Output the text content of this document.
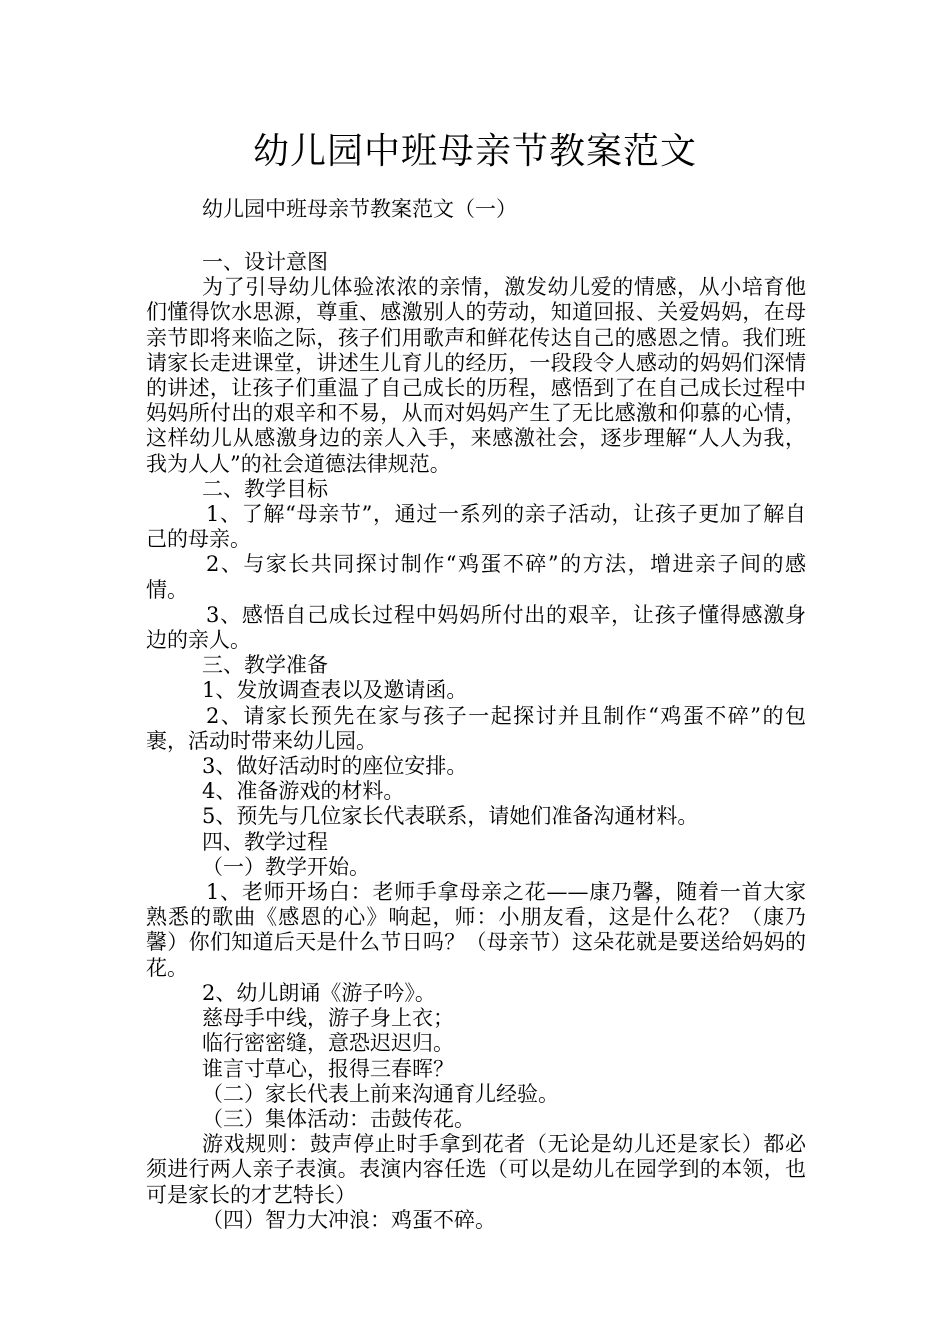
幼儿园中班母亲节教案范文

幼儿园中班母亲节教案范文（一）

一、设计意图

为了引导幼儿体验浓浓的亲情，激发幼儿爱的情感，从小培育他们懂得饮水思源，尊重、感激别人的劳动，知道回报、关爱妈妈，在母亲节即将来临之际，孩子们用歌声和鲜花传达自己的感恩之情。我们班请家长走进课堂，讲述生儿育儿的经历，一段段令人感动的妈妈们深情的讲述，让孩子们重温了自己成长的历程，感悟到了在自己成长过程中妈妈所付出的艰辛和不易，从而对妈妈产生了无比感激和仰慕的心情，这样幼儿从感激身边的亲人入手，来感激社会，逐步理解“人人为我，我为人人”的社会道德法律规范。

二、教学目标

1、了解“母亲节”，通过一系列的亲子活动，让孩子更加了解自己的母亲。

2、与家长共同探讨制作“鸡蛋不碎”的方法，增进亲子间的感情。

3、感悟自己成长过程中妈妈所付出的艰辛，让孩子懂得感激身边的亲人。

三、教学准备

1、发放调查表以及邀请函。

2、请家长预先在家与孩子一起探讨并且制作“鸡蛋不碎”的包裹，活动时带来幼儿园。

3、做好活动时的座位安排。

4、准备游戏的材料。

5、预先与几位家长代表联系，请她们准备沟通材料。

四、教学过程

（一）教学开始。

1、老师开场白：老师手拿母亲之花——康乃馨，随着一首大家熟悉的歌曲《感恩的心》响起，师：小朋友看，这是什么花？（康乃馨）你们知道后天是什么节日吗？（母亲节）这朵花就是要送给妈妈的花。

2、幼儿朗诵《游子吟》。

慈母手中线，游子身上衣；

临行密密缝，意恐迟迟归。

谁言寸草心，报得三春晖？

（二）家长代表上前来沟通育儿经验。

（三）集体活动：击鼓传花。

游戏规则：鼓声停止时手拿到花者（无论是幼儿还是家长）都必须进行两人亲子表演。表演内容任选（可以是幼儿在园学到的本领，也可是家长的才艺特长）

（四）智力大冲浪：鸡蛋不碎。
